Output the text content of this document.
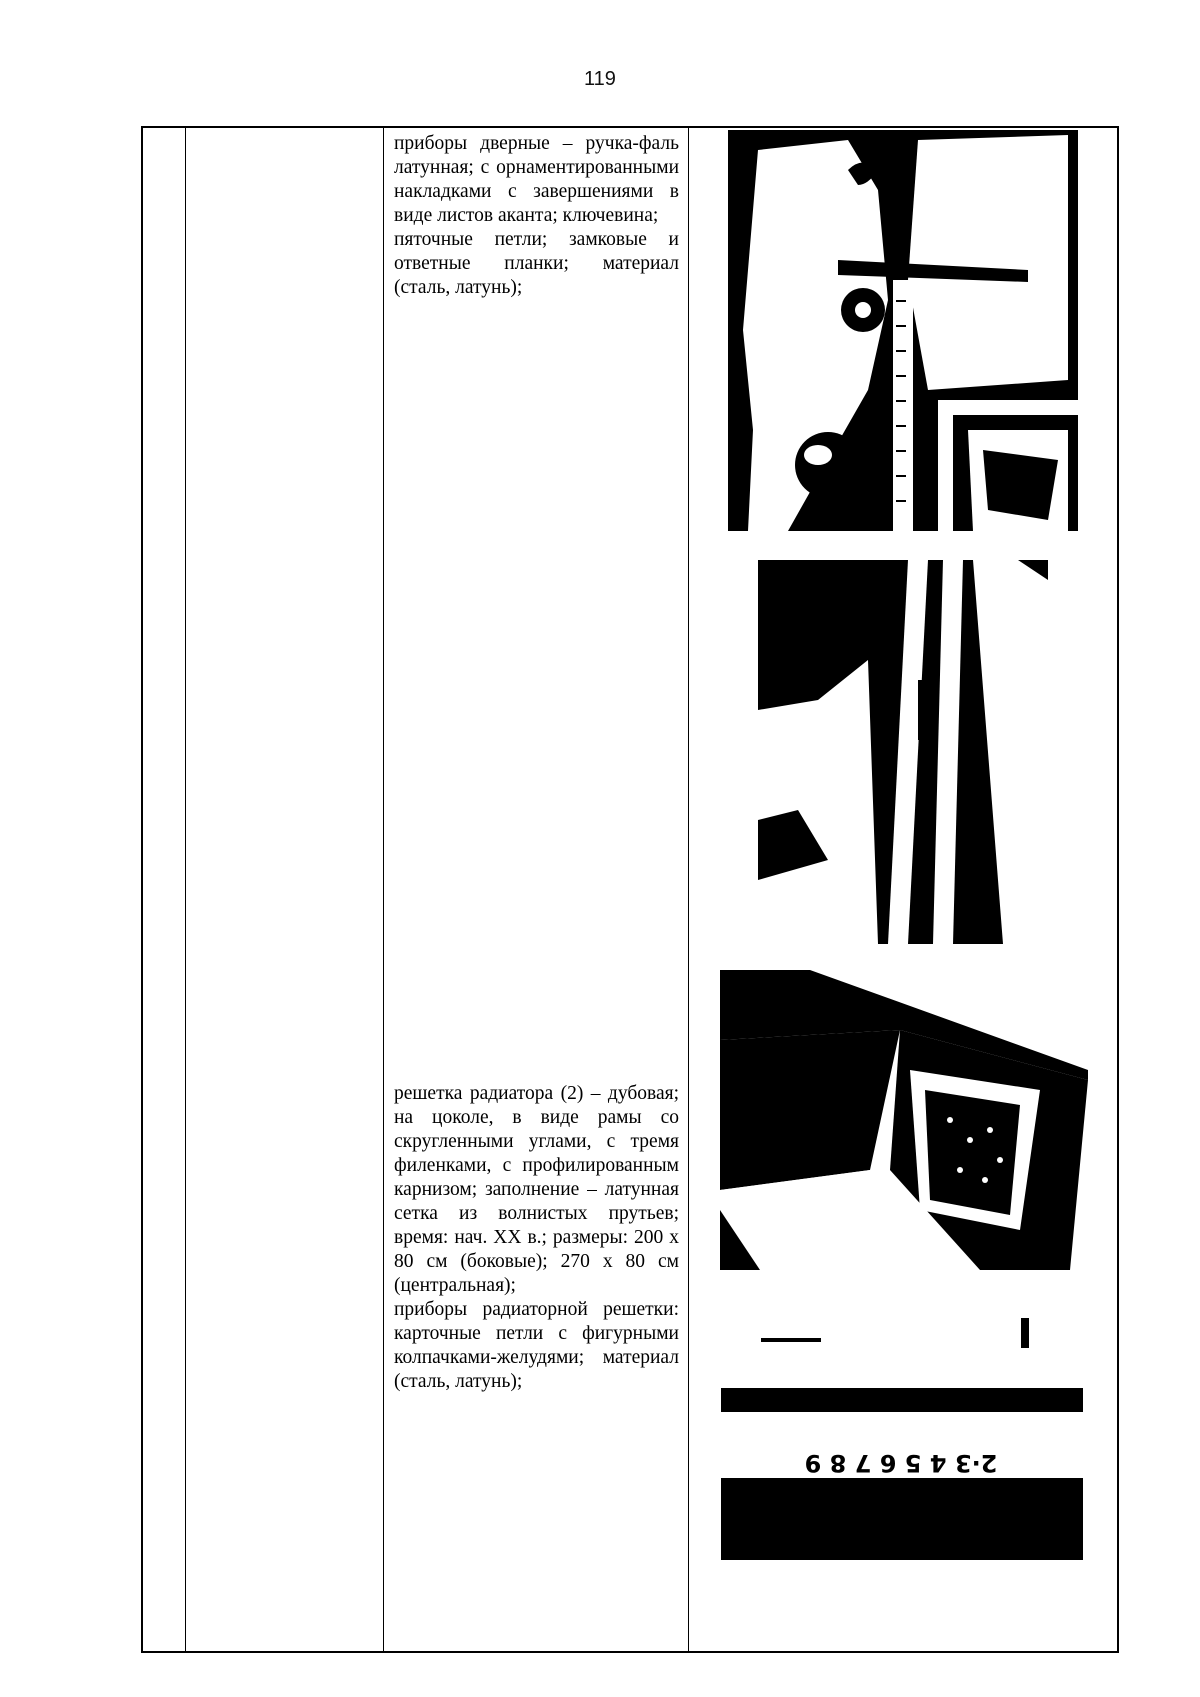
119

приборы дверные – ручка-фаль латунная; с орнаментированными накладками с завершениями в виде листов аканта; ключевина;

пяточные петли; замковые и ответные планки; материал (сталь, латунь);

решетка радиатора (2) – дубовая; на цоколе, в виде рамы со скругленными углами, с тремя филенками, с профилированным карнизом; заполнение – латунная сетка из волнистых прутьев; время: нач. XX в.; размеры: 200 х 80 см (боковые); 270 х 80 см (центральная);

приборы радиаторной решетки: карточные петли с фигурными колпачками-желудями; материал (сталь, латунь);

2·3 4 5 6 7 8 9
